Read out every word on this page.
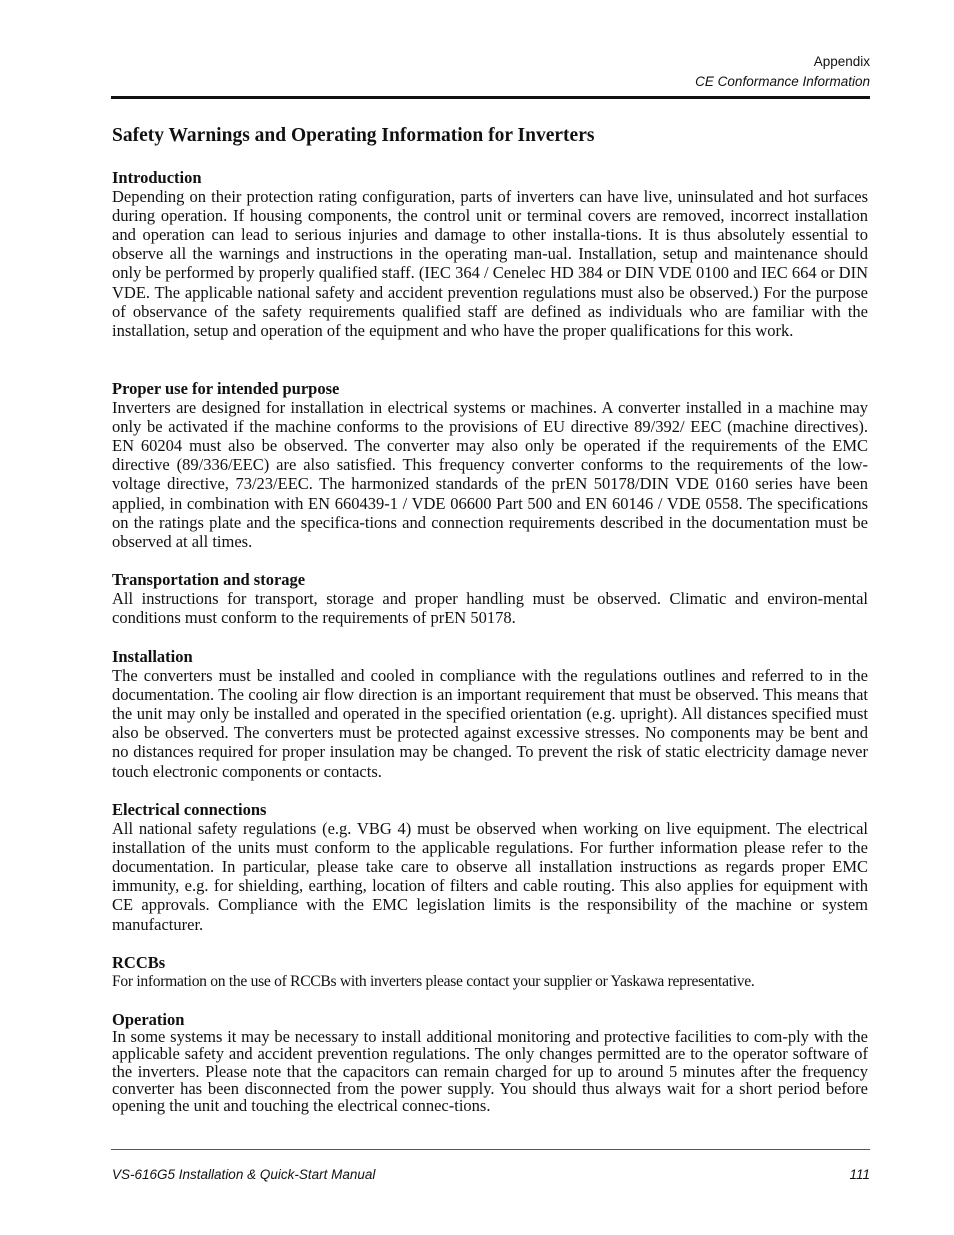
Appendix
CE Conformance Information
Safety Warnings and Operating Information for Inverters
Introduction

Depending on their protection rating configuration, parts of inverters can have live, uninsulated and hot surfaces during operation. If housing components, the control unit or terminal covers are removed, incorrect installation and operation can lead to serious injuries and damage to other installa-tions. It is thus absolutely essential to observe all the warnings and instructions in the operating man-ual. Installation, setup and maintenance should only be performed by properly qualified staff. (IEC 364 / Cenelec HD 384 or DIN VDE 0100 and IEC 664 or DIN VDE. The applicable national safety and accident prevention regulations must also be observed.) For the purpose of observance of the safety requirements qualified staff are defined as individuals who are familiar with the installation, setup and operation of the equipment and who have the proper qualifications for this work.

Proper use for intended purpose

Inverters are designed for installation in electrical systems or machines. A converter installed in a machine may only be activated if the machine conforms to the provisions of EU directive 89/392/ EEC (machine directives). EN 60204 must also be observed. The converter may also only be operated if the requirements of the EMC directive (89/336/EEC) are also satisfied. This frequency converter conforms to the requirements of the low-voltage directive, 73/23/EEC. The harmonized standards of the prEN 50178/DIN VDE 0160 series have been applied, in combination with EN 660439-1 / VDE 06600 Part 500 and EN 60146 / VDE 0558. The specifications on the ratings plate and the specifica-tions and connection requirements described in the documentation must be observed at all times.

Transportation and storage

All instructions for transport, storage and proper handling must be observed. Climatic and environ-mental conditions must conform to the requirements of prEN 50178.

Installation

The converters must be installed and cooled in compliance with the regulations outlines and referred to in the documentation. The cooling air flow direction is an important requirement that must be observed. This means that the unit may only be installed and operated in the specified orientation (e.g. upright). All distances specified must also be observed. The converters must be protected against excessive stresses. No components may be bent and no distances required for proper insulation may be changed. To prevent the risk of static electricity damage never touch electronic components or contacts.

Electrical connections

All national safety regulations (e.g. VBG 4) must be observed when working on live equipment. The electrical installation of the units must conform to the applicable regulations. For further information please refer to the documentation. In particular, please take care to observe all installation instructions as regards proper EMC immunity, e.g. for shielding, earthing, location of filters and cable routing. This also applies for equipment with CE approvals. Compliance with the EMC legislation limits is the responsibility of the machine or system manufacturer.

RCCBs

For information on the use of RCCBs with inverters please contact your supplier or Yaskawa representative.

Operation

In some systems it may be necessary to install additional monitoring and protective facilities to com-ply with the applicable safety and accident prevention regulations. The only changes permitted are to the operator software of the inverters. Please note that the capacitors can remain charged for up to around 5 minutes after the frequency converter has been disconnected from the power supply. You should thus always wait for a short period before opening the unit and touching the electrical connec-tions.

VS-616G5 Installation & Quick-Start Manual	111
